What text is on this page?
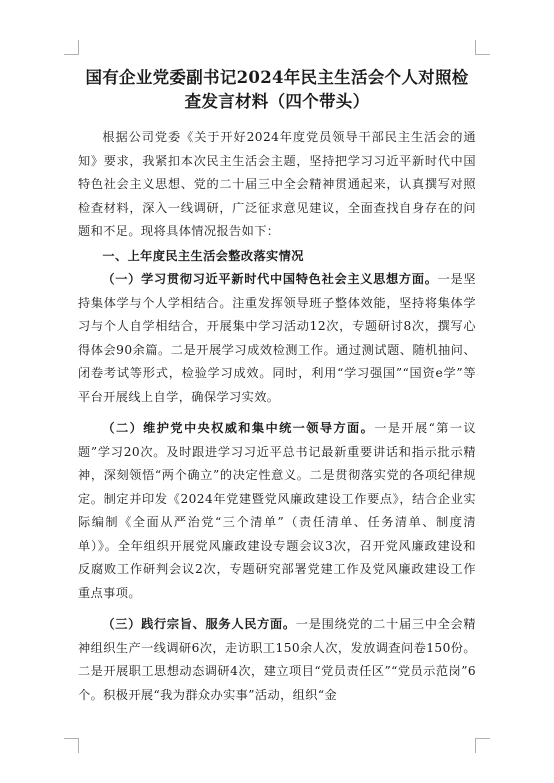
国有企业党委副书记2024年民主生活会个人对照检查发言材料（四个带头）

根据公司党委《关于开好2024年度党员领导干部民主生活会的通知》要求，我紧扣本次民主生活会主题，坚持把学习习近平新时代中国特色社会主义思想、党的二十届三中全会精神贯通起来，认真撰写对照检查材料，深入一线调研，广泛征求意见建议，全面查找自身存在的问题和不足。现将具体情况报告如下：

一、上年度民主生活会整改落实情况

（一）学习贯彻习近平新时代中国特色社会主义思想方面。一是坚持集体学与个人学相结合。注重发挥领导班子整体效能，坚持将集体学习与个人自学相结合，开展集中学习活动12次，专题研讨8次，撰写心得体会90余篇。二是开展学习成效检测工作。通过测试题、随机抽问、闭卷考试等形式，检验学习成效。同时，利用“学习强国”“国资e学”等平台开展线上自学，确保学习实效。

（二）维护党中央权威和集中统一领导方面。一是开展“第一议题”学习20次。及时跟进学习习近平总书记最新重要讲话和指示批示精神，深刻领悟“两个确立”的决定性意义。二是贯彻落实党的各项纪律规定。制定并印发《2024年党建暨党风廉政建设工作要点》，结合企业实际编制《全面从严治党“三个清单”（责任清单、任务清单、制度清单）》。全年组织开展党风廉政建设专题会议3次，召开党风廉政建设和反腐败工作研判会议2次，专题研究部署党建工作及党风廉政建设工作重点事项。

（三）践行宗旨、服务人民方面。一是围绕党的二十届三中全会精神组织生产一线调研6次，走访职工150余人次，发放调查问卷150份。二是开展职工思想动态调研4次，建立项目“党员责任区”“党员示范岗”6个。积极开展“我为群众办实事”活动，组织“金
